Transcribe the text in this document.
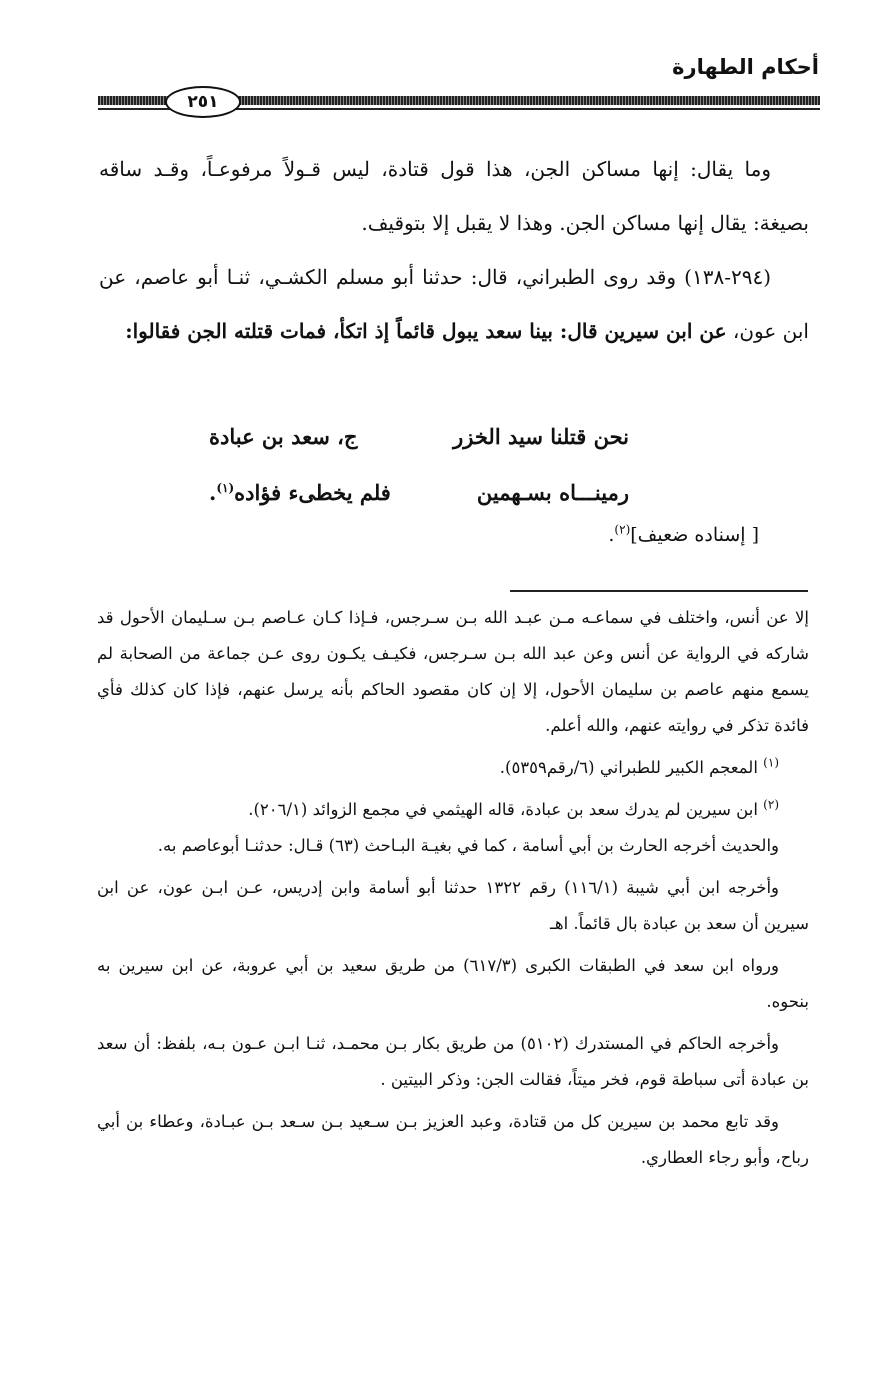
أحكام الطهارة
٢٥١

وما يقال: إنها مساكن الجن، هذا قول قتادة، ليس قـولاً مرفوعـاً، وقـد ساقه بصيغة: يقال إنها مساكن الجن. وهذا لا يقبل إلا بتوقيف.

(٢٩٤-١٣٨) وقد روى الطبراني، قال: حدثنا أبو مسلم الكشـي، ثنـا أبو عاصم، عن ابن عون، عن ابن سيرين قال: بينا سعد يبول قائماً إذ اتكأ، فمات قتلته الجن فقالوا:

نحن قتلنا سيد الخزر
ج، سعد بن عبادة
رمينـــاه بسـهمين
فلم يخطىء فؤاده$^{(١)}$.
[ إسناده ضعيف]$^{(٢)}$.

إلا عن أنس، واختلف في سماعـه مـن عبـد الله بـن سـرجس، فـإذا كـان عـاصم بـن سـليمان الأحول قد شاركه في الرواية عن أنس وعن عبد الله بـن سـرجس، فكيـف يكـون روى عـن جماعة من الصحابة لم يسمع منهم عاصم بن سليمان الأحول، إلا إن كان مقصود الحاكم بأنه يرسل عنهم، فإذا كان كذلك فأي فائدة تذكر في روايته عنهم، والله أعلم.

$^{(١)}$ المعجم الكبير للطبراني (٦/رقم٥٣٥٩).

$^{(٢)}$ ابن سيرين لم يدرك سعد بن عبادة، قاله الهيثمي في مجمع الزوائد (٢٠٦/١).

والحديث أخرجه الحارث بن أبي أسامة ، كما في بغيـة البـاحث (٦٣) قـال: حدثنـا أبوعاصم به.

وأخرجه ابن أبي شيبة (١١٦/١) رقم ١٣٢٢ حدثنا أبو أسامة وابن إدريس، عـن ابـن عون، عن ابن سيرين أن سعد بن عبادة بال قائماً. اهـ

ورواه ابن سعد في الطبقات الكبرى (٦١٧/٣) من طريق سعيد بن أبي عروبة، عن ابن سيرين به بنحوه.

وأخرجه الحاكم في المستدرك (٥١٠٢) من طريق بكار بـن محمـد، ثنـا ابـن عـون بـه، بلفظ: أن سعد بن عبادة أتى سباطة قوم، فخر ميتاً، فقالت الجن: وذكر البيتين .

وقد تابع محمد بن سيرين كل من قتادة، وعبد العزيز بـن سـعيد بـن سـعد بـن عبـادة، وعطاء بن أبي رباح، وأبو رجاء العطاري.
